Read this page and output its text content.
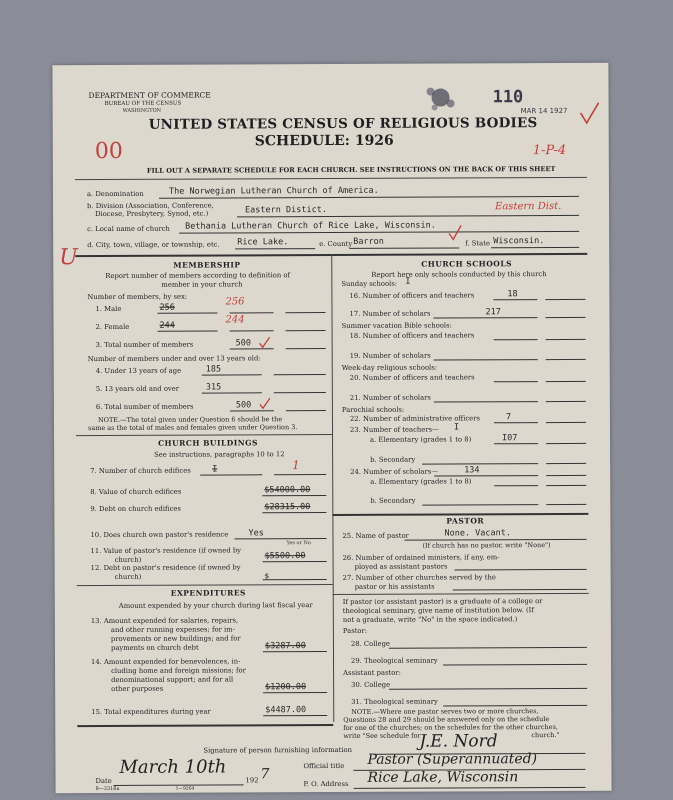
DEPARTMENT OF COMMERCE
BUREAU OF THE CENSUS
WASHINGTON
110
MAR 14 1927
UNITED STATES CENSUS OF RELIGIOUS BODIES
SCHEDULE: 1926
00	1-P-4
U
FILL OUT A SEPARATE SCHEDULE FOR EACH CHURCH. SEE INSTRUCTIONS ON THE BACK OF THIS SHEET
a. Denomination	The Norwegian Lutheran Church of America.
b. Division (Association, Conference,
Diocese, Presbytery, Synod, etc.)	Eastern Distict.	Eastern Dist.
c. Local name of church Bethania Lutheran Church of Rice Lake, Wisconsin.
d. City, town, village, or township, etc. Rice Lake.	e. County Barron	f. State Wisconsin.
MEMBERSHIP
Report number of members according to definition of
member in your church
Number of members, by sex:
1. Male	256
256
2. Female	244
244
3. Total number of members	500
Number of members under and over 13 years old:
4. Under 13 years of age	185
5. 13 years old and over	315
6. Total number of members	500
NOTE.—The total given under Question 6 should be the
same as the total of males and females given under Question 3.
CHURCH BUILDINGS
See instructions, paragraphs 10 to 12
7. Number of church edifices	I	1
8. Value of church edifices	$54000.00
9. Debt on church edifices	$28315.00
10. Does church own pastor's residence Yes
Yes or No
11. Value of pastor's residence (if owned by
church)	$5500.00
12. Debt on pastor's residence (if owned by
church)	$
EXPENDITURES
Amount expended by your church during last fiscal year
13. Amount expended for salaries, repairs,
and other running expenses; for im-
provements or new buildings; and for
payments on church debt	$3287.00
14. Amount expended for benevolences, in-
cluding home and foreign missions; for
denominational support; and for all
other purposes	$1200.00
15. Total expenditures during year	$4487.00
CHURCH SCHOOLS
Report here only schools conducted by this church
Sunday schools: I
16. Number of officers and teachers	18
17. Number of scholars	217
Summer vacation Bible schools:
18. Number of officers and teachers
19. Number of scholars
Week-day religious schools:
20. Number of officers and teachers
21. Number of scholars
Parochial schools:
22. Number of administrative officers	7
23. Number of teachers— I
a. Elementary (grades 1 to 8)	I07
b. Secondary
24. Number of scholars—	134
a. Elementary (grades 1 to 8)
b. Secondary
PASTOR
25. Name of pastor	None. Vacant.
(If church has no pastor, write "None")
26. Number of ordained ministers, if any, em-
ployed as assistant pastors
27. Number of other churches served by the
pastor or his assistants
If pastor (or assistant pastor) is a graduate of a college or
theological seminary, give name of institution below. (If
not a graduate, write "No" in the space indicated.)
Pastor:
28. College
29. Theological seminary
Assistant pastor:
30. College
31. Theological seminary
NOTE.—Where one pastor serves two or more churches,
Questions 28 and 29 should be answered only on the schedule
for one of the churches; on the schedules for the other churches,
write "See schedule for	church."
Signature of person furnishing information	J.E. Nord
Official title Pastor (Superannuated)
P. O. Address Rice Lake, Wisconsin
Date
March 10th
192 7
8—3318a	1—9264
